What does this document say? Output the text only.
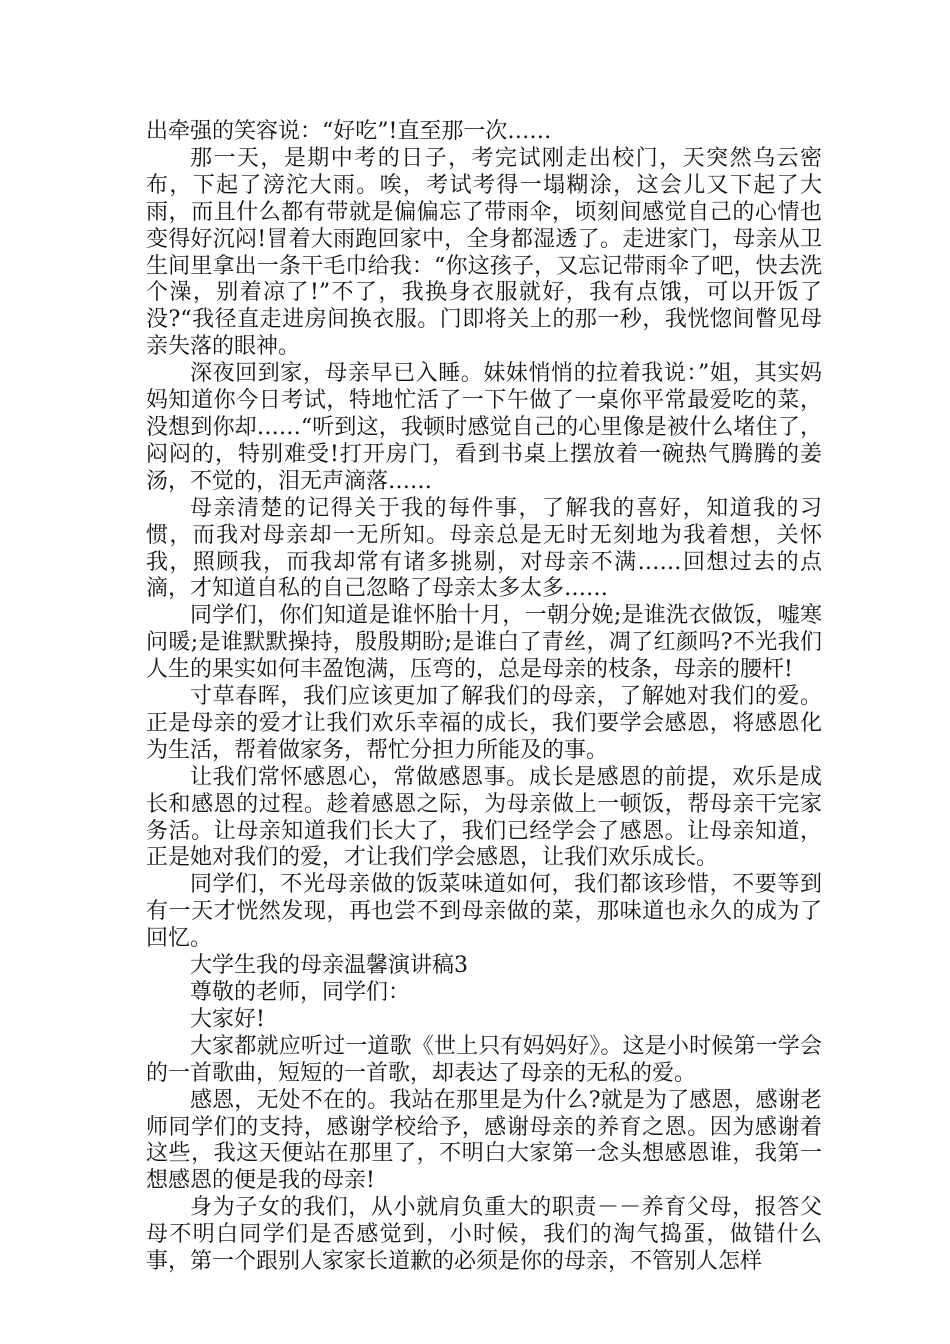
出牵强的笑容说：“好吃”!直至那一次……

那一天，是期中考的日子，考完试刚走出校门，天突然乌云密布，下起了滂沱大雨。唉，考试考得一塌糊涂，这会儿又下起了大雨，而且什么都有带就是偏偏忘了带雨伞，顷刻间感觉自己的心情也变得好沉闷!冒着大雨跑回家中，全身都湿透了。走进家门，母亲从卫生间里拿出一条干毛巾给我：“你这孩子，又忘记带雨伞了吧，快去洗个澡，别着凉了!”不了，我换身衣服就好，我有点饿，可以开饭了没?“我径直走进房间换衣服。门即将关上的那一秒，我恍惚间瞥见母亲失落的眼神。

深夜回到家，母亲早已入睡。妹妹悄悄的拉着我说：”姐，其实妈妈知道你今日考试，特地忙活了一下午做了一桌你平常最爱吃的菜，没想到你却……“听到这，我顿时感觉自己的心里像是被什么堵住了，闷闷的，特别难受!打开房门，看到书桌上摆放着一碗热气腾腾的姜汤，不觉的，泪无声滴落……

母亲清楚的记得关于我的每件事，了解我的喜好，知道我的习惯，而我对母亲却一无所知。母亲总是无时无刻地为我着想，关怀我，照顾我，而我却常有诸多挑剔，对母亲不满……回想过去的点滴，才知道自私的自己忽略了母亲太多太多……

同学们，你们知道是谁怀胎十月，一朝分娩;是谁洗衣做饭，嘘寒问暖;是谁默默操持，殷殷期盼;是谁白了青丝，凋了红颜吗?不光我们人生的果实如何丰盈饱满，压弯的，总是母亲的枝条，母亲的腰杆!

寸草春晖，我们应该更加了解我们的母亲，了解她对我们的爱。正是母亲的爱才让我们欢乐幸福的成长，我们要学会感恩，将感恩化为生活，帮着做家务，帮忙分担力所能及的事。

让我们常怀感恩心，常做感恩事。成长是感恩的前提，欢乐是成长和感恩的过程。趁着感恩之际，为母亲做上一顿饭，帮母亲干完家务活。让母亲知道我们长大了，我们已经学会了感恩。让母亲知道，正是她对我们的爱，才让我们学会感恩，让我们欢乐成长。

同学们，不光母亲做的饭菜味道如何，我们都该珍惜，不要等到有一天才恍然发现，再也尝不到母亲做的菜，那味道也永久的成为了回忆。

大学生我的母亲温馨演讲稿3

尊敬的老师，同学们：

大家好!

大家都就应听过一道歌《世上只有妈妈好》。这是小时候第一学会的一首歌曲，短短的一首歌，却表达了母亲的无私的爱。

感恩，无处不在的。我站在那里是为什么?就是为了感恩，感谢老师同学们的支持，感谢学校给予，感谢母亲的养育之恩。因为感谢着这些，我这天便站在那里了，不明白大家第一念头想感恩谁，我第一想感恩的便是我的母亲!

身为子女的我们，从小就肩负重大的职责－－养育父母，报答父母不明白同学们是否感觉到，小时候，我们的淘气捣蛋，做错什么事，第一个跟别人家家长道歉的必须是你的母亲，不管别人怎样
